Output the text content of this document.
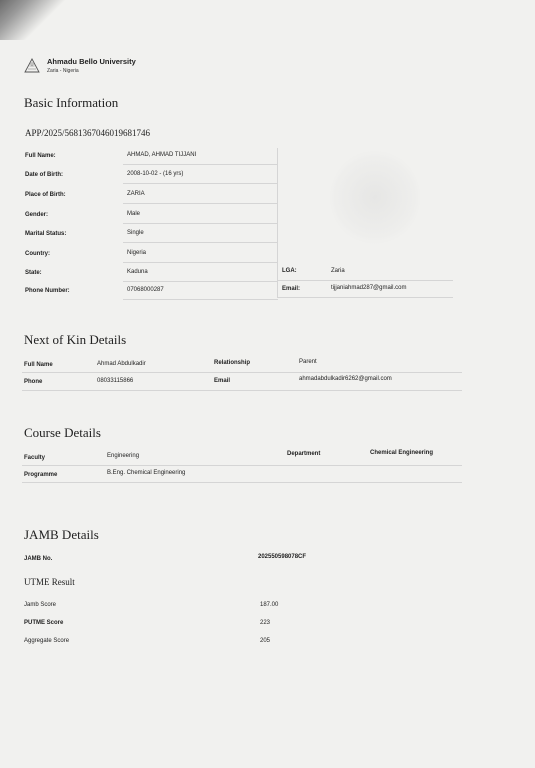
Ahmadu Bello University
Zaria - Nigeria
Basic Information
APP/2025/5681367046019681746
Full Name:	AHMAD, AHMAD TIJJANI
Date of Birth:	2008-10-02 - (16 yrs)
Place of Birth:	ZARIA
Gender:	Male
Marital Status:	Single
Country:	Nigeria
State:	Kaduna
Phone Number:	07068000287
LGA:	Zaria
Email:	tijjaniahmad287@gmail.com
Next of Kin Details
Full Name	Ahmad Abdulkadir	Relationship	Parent
Phone	08033115866	Email	ahmadabdulkadir6262@gmail.com
Course Details
Faculty	Engineering	Department	Chemical Engineering
Programme	B.Eng. Chemical Engineering
JAMB Details
JAMB No.	202550598078CF
UTME Result
Jamb Score	187.00
PUTME Score	223
Aggregate Score	205
